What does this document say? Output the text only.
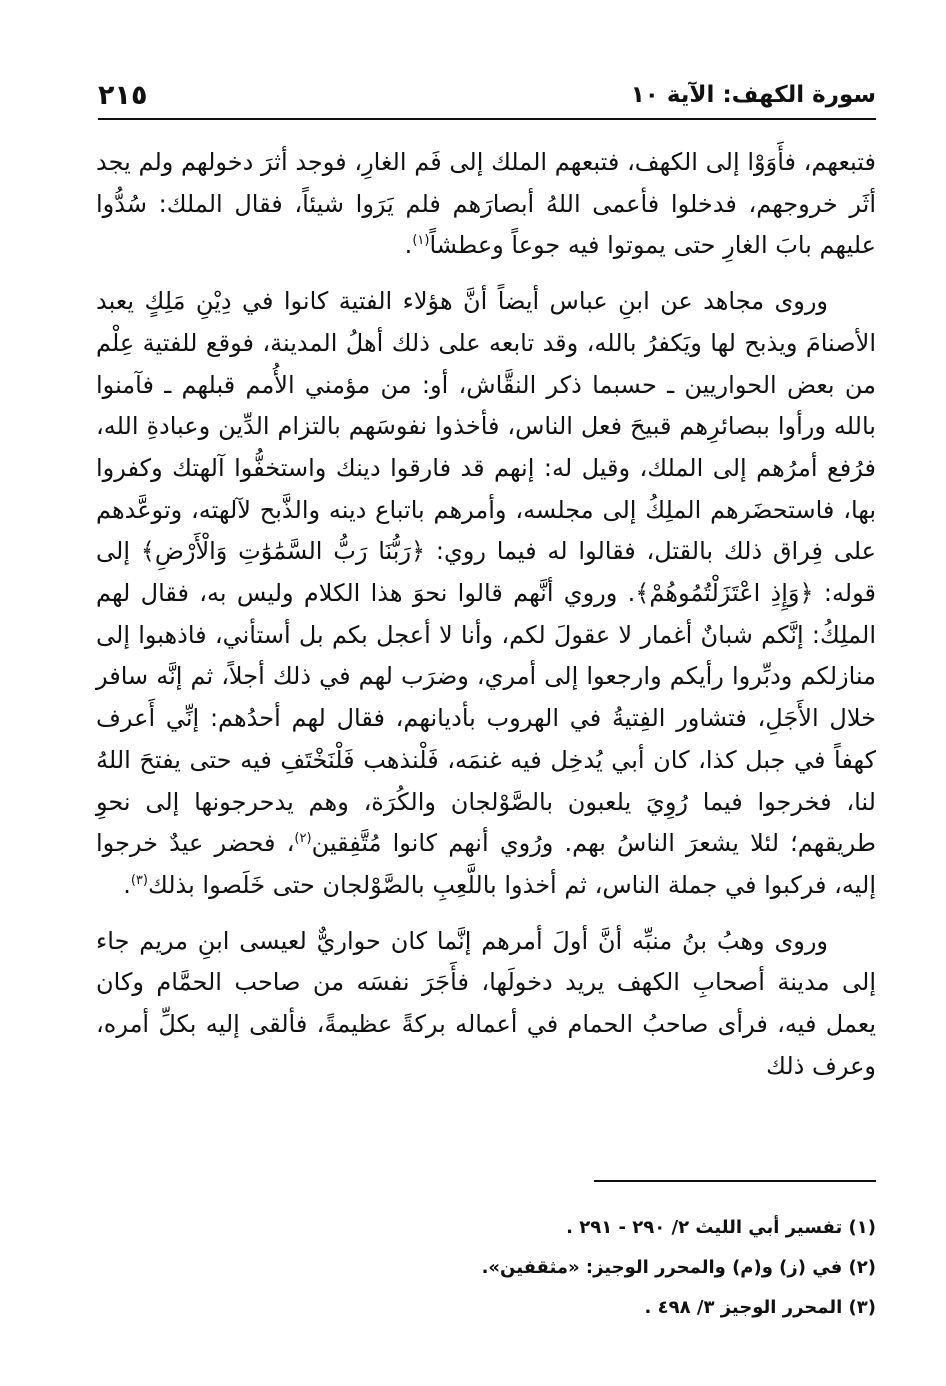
سورة الكهف: الآية ١٠
٢١٥

فتبعهم، فأَوَوْا إلى الكهف، فتبعهم الملك إلى فَم الغارِ، فوجد أثرَ دخولهم ولم يجد أثَر خروجهم، فدخلوا فأعمى اللهُ أبصارَهم فلم يَرَوا شيئاً، فقال الملك: سُدُّوا عليهم بابَ الغارِ حتى يموتوا فيه جوعاً وعطشاً$^{(١)}$.

وروى مجاهد عن ابنِ عباس أيضاً أنَّ هؤلاء الفتية كانوا في دِيْنِ مَلِكٍ يعبد الأصنامَ ويذبح لها ويَكفرُ بالله، وقد تابعه على ذلك أهلُ المدينة، فوقع للفتية عِلْم من بعض الحواريين ـ حسبما ذكر النقَّاش، أو: من مؤمني الأُمم قبلهم ـ فآمنوا بالله ورأوا ببصائرِهم قبيحَ فعل الناس، فأخذوا نفوسَهم بالتزام الدِّين وعبادةِ الله، فرُفع أمرُهم إلى الملك، وقيل له: إنهم قد فارقوا دينك واستخفُّوا آلهتك وكفروا بها، فاستحضَرهم الملِكُ إلى مجلسه، وأمرهم باتباع دينه والذَّبح لآلهته، وتوعَّدهم على فِراق ذلك بالقتل، فقالوا له فيما روي: ﴿رَبُّنَا رَبُّ السَّمَٰوَٰتِ وَالْأَرْضِ﴾ إلى قوله: ﴿وَإِذِ اعْتَزَلْتُمُوهُمْ﴾. وروي أنَّهم قالوا نحوَ هذا الكلام وليس به، فقال لهم الملِكُ: إنَّكم شبانٌ أغمار لا عقولَ لكم، وأنا لا أعجل بكم بل أستأني، فاذهبوا إلى منازلكم ودبِّروا رأيكم وارجعوا إلى أمري، وضرَب لهم في ذلك أجلاً، ثم إنَّه سافر خلال الأَجَلِ، فتشاور الفِتيةُ في الهروب بأديانهم، فقال لهم أحدُهم: إنِّي أَعرف كهفاً في جبل كذا، كان أبي يُدخِل فيه غنمَه، فَلْنذهب فَلْنَخْتَفِ فيه حتى يفتحَ اللهُ لنا، فخرجوا فيما رُوِيَ يلعبون بالصَّوْلجان والكُرَة، وهم يدحرجونها إلى نحوِ طريقهم؛ لئلا يشعرَ الناسُ بهم. ورُوي أنهم كانوا مُتَّفِقين$^{(٢)}$، فحضر عيدٌ خرجوا إليه، فركبوا في جملة الناس، ثم أخذوا باللَّعِبِ بالصَّوْلجان حتى خَلَصوا بذلك$^{(٣)}$.

وروى وهبُ بنُ منبِّه أنَّ أولَ أمرهم إنَّما كان حواريٌّ لعيسى ابنِ مريم جاء إلى مدينة أصحابِ الكهف يريد دخولَها، فأَجَرَ نفسَه من صاحب الحمَّام وكان يعمل فيه، فرأى صاحبُ الحمام في أعماله بركةً عظيمةً، فألقى إليه بكلِّ أمره، وعرف ذلك

(١) تفسير أبي الليث ٢/ ٢٩٠ - ٢٩١ .
(٢) في (ز) و(م) والمحرر الوجيز: «مثقفين».
(٣) المحرر الوجيز ٣/ ٤٩٨ .
